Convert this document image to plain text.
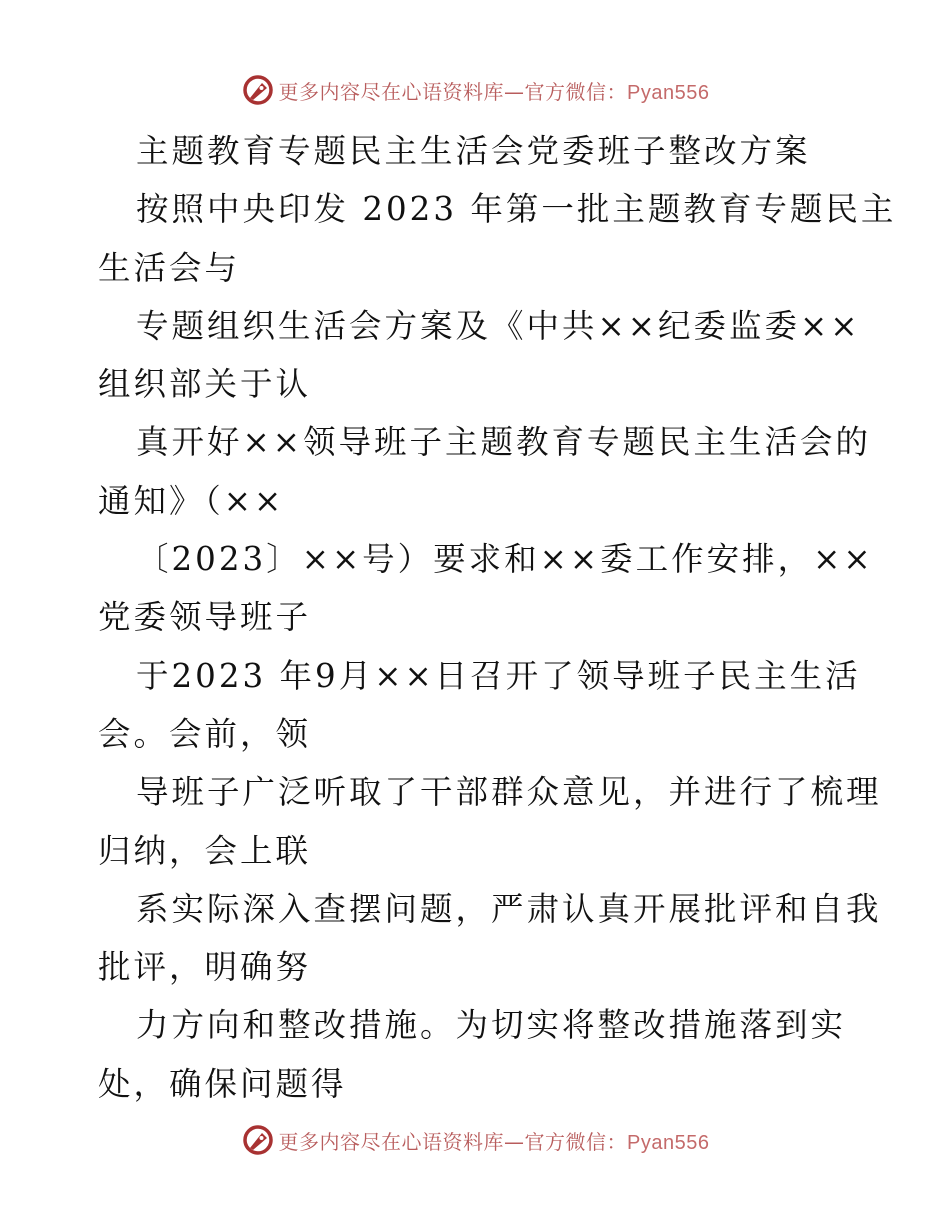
更多内容尽在心语资料库—官方微信：Pyan556
主题教育专题民主生活会党委班子整改方案
按照中央印发 2023 年第一批主题教育专题民主
生活会与
专题组织生活会方案及《中共××纪委监委××
组织部关于认
真开好××领导班子主题教育专题民主生活会的
通知》（××
〔2023〕××号）要求和××委工作安排，××
党委领导班子
于2023 年9月××日召开了领导班子民主生活
会。会前，领
导班子广泛听取了干部群众意见，并进行了梳理
归纳，会上联
系实际深入查摆问题，严肃认真开展批评和自我
批评，明确努
力方向和整改措施。为切实将整改措施落到实
处，确保问题得
更多内容尽在心语资料库—官方微信：Pyan556
